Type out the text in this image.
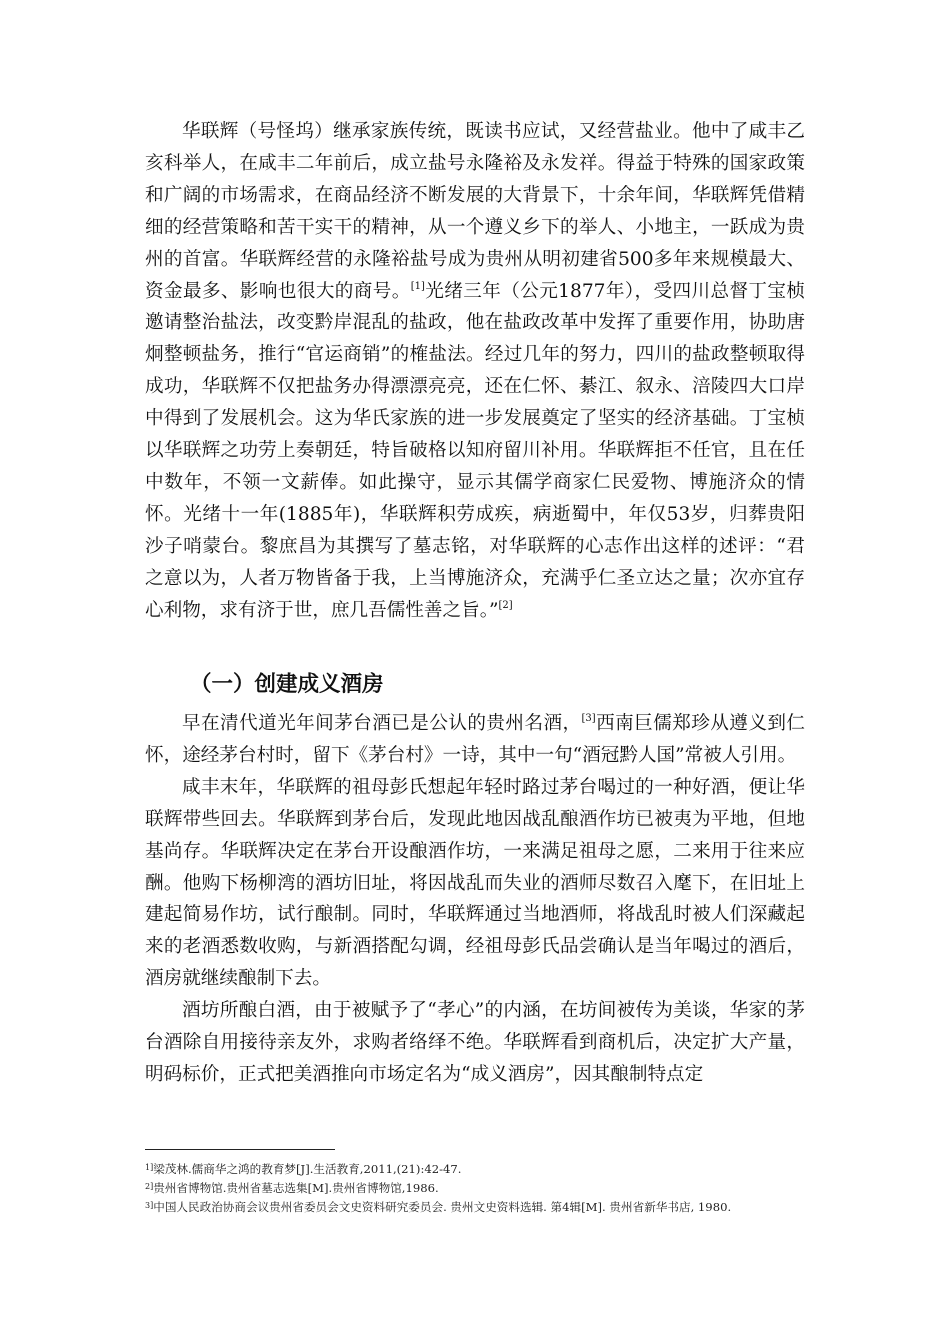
华联辉（号怪坞）继承家族传统，既读书应试，又经营盐业。他中了咸丰乙亥科举人，在咸丰二年前后，成立盐号永隆裕及永发祥。得益于特殊的国家政策和广阔的市场需求，在商品经济不断发展的大背景下，十余年间，华联辉凭借精细的经营策略和苦干实干的精神，从一个遵义乡下的举人、小地主，一跃成为贵州的首富。华联辉经营的永隆裕盐号成为贵州从明初建省500多年来规模最大、资金最多、影响也很大的商号。[1]光绪三年（公元1877年），受四川总督丁宝桢邀请整治盐法，改变黔岸混乱的盐政，他在盐政改革中发挥了重要作用，协助唐炯整顿盐务，推行“官运商销”的榷盐法。经过几年的努力，四川的盐政整顿取得成功，华联辉不仅把盐务办得漂漂亮亮，还在仁怀、綦江、叙永、涪陵四大口岸中得到了发展机会。这为华氏家族的进一步发展奠定了坚实的经济基础。丁宝桢以华联辉之功劳上奏朝廷，特旨破格以知府留川补用。华联辉拒不任官，且在任中数年，不领一文薪俸。如此操守，显示其儒学商家仁民爱物、博施济众的情怀。光绪十一年(1885年)，华联辉积劳成疾，病逝蜀中，年仅53岁，归葬贵阳沙子哨蒙台。黎庶昌为其撰写了墓志铭，对华联辉的心志作出这样的述评：“君之意以为，人者万物皆备于我，上当博施济众，充满乎仁圣立达之量；次亦宜存心利物，求有济于世，庶几吾儒性善之旨。”[2]

（一）创建成义酒房

早在清代道光年间茅台酒已是公认的贵州名酒，[3]西南巨儒郑珍从遵义到仁怀，途经茅台村时，留下《茅台村》一诗，其中一句“酒冠黔人国”常被人引用。

咸丰末年，华联辉的祖母彭氏想起年轻时路过茅台喝过的一种好酒，便让华联辉带些回去。华联辉到茅台后，发现此地因战乱酿酒作坊已被夷为平地，但地基尚存。华联辉决定在茅台开设酿酒作坊，一来满足祖母之愿，二来用于往来应酬。他购下杨柳湾的酒坊旧址，将因战乱而失业的酒师尽数召入麾下，在旧址上建起简易作坊，试行酿制。同时，华联辉通过当地酒师，将战乱时被人们深藏起来的老酒悉数收购，与新酒搭配勾调，经祖母彭氏品尝确认是当年喝过的酒后，酒房就继续酿制下去。

酒坊所酿白酒，由于被赋予了“孝心”的内涵，在坊间被传为美谈，华家的茅台酒除自用接待亲友外，求购者络绎不绝。华联辉看到商机后，决定扩大产量，明码标价，正式把美酒推向市场定名为“成义酒房”，因其酿制特点定

$^{1]}$梁茂林.儒商华之鸿的教育梦[J].生活教育,2011,(21):42-47.

$^{2]}$贵州省博物馆.贵州省墓志选集[M].贵州省博物馆,1986.

$^{3]}$中国人民政治协商会议贵州省委员会文史资料研究委员会. 贵州文史资料选辑. 第4辑[M]. 贵州省新华书店, 1980.
